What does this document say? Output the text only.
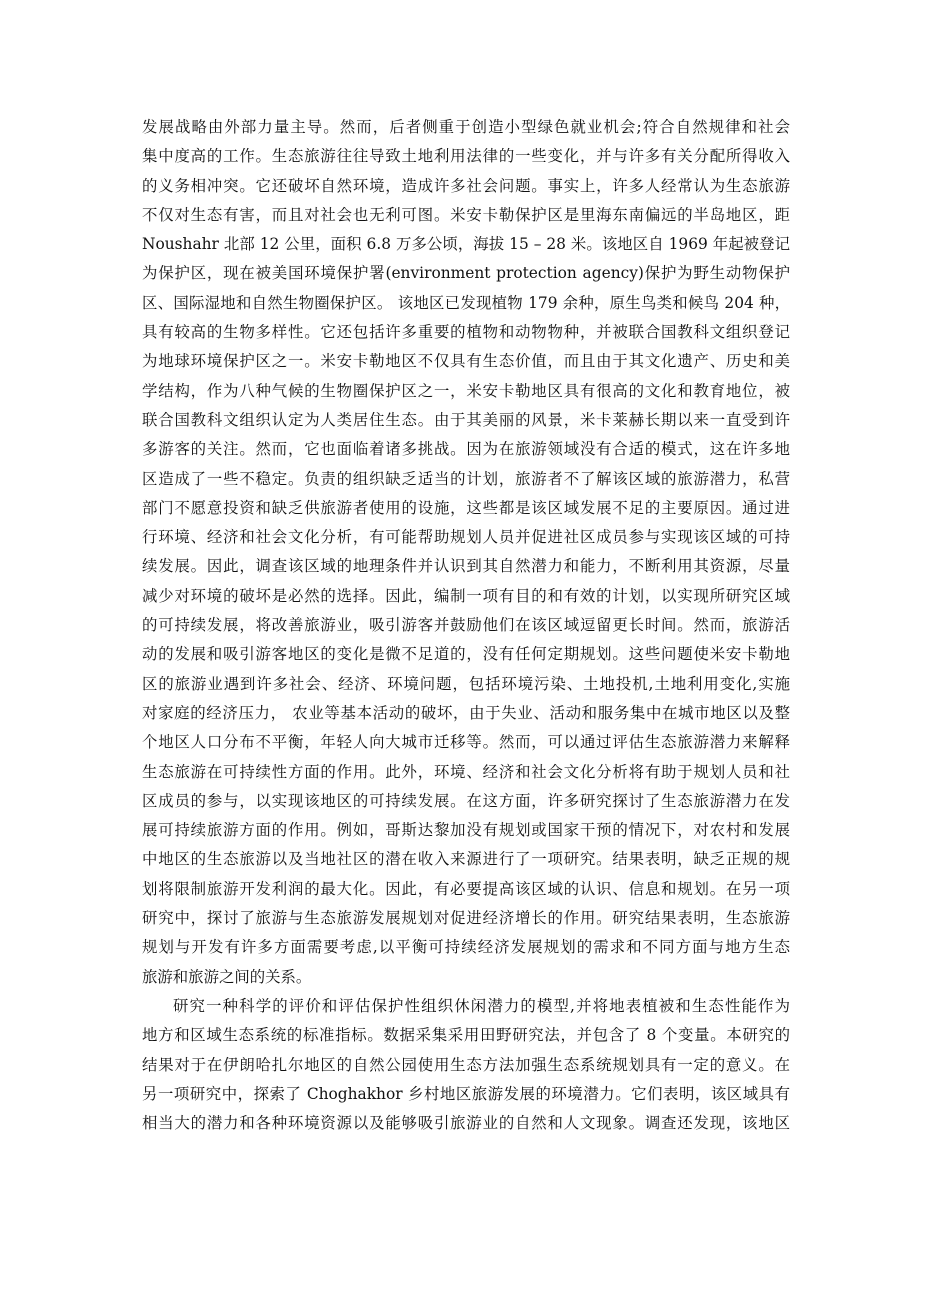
发展战略由外部力量主导。然而，后者侧重于创造小型绿色就业机会;符合自然规律和社会
集中度高的工作。生态旅游往往导致土地利用法律的一些变化，并与许多有关分配所得收入
的义务相冲突。它还破坏自然环境，造成许多社会问题。事实上，许多人经常认为生态旅游
不仅对生态有害，而且对社会也无利可图。米安卡勒保护区是里海东南偏远的半岛地区，距
Noushahr 北部 12 公里，面积 6.8 万多公顷，海拔 15 – 28 米。该地区自 1969 年起被登记
为保护区，现在被美国环境保护署(environment protection agency)保护为野生动物保护
区、国际湿地和自然生物圈保护区。 该地区已发现植物 179 余种，原生鸟类和候鸟 204 种，
具有较高的生物多样性。它还包括许多重要的植物和动物物种，并被联合国教科文组织登记
为地球环境保护区之一。米安卡勒地区不仅具有生态价值，而且由于其文化遗产、历史和美
学结构，作为八种气候的生物圈保护区之一，米安卡勒地区具有很高的文化和教育地位，被
联合国教科文组织认定为人类居住生态。由于其美丽的风景，米卡莱赫长期以来一直受到许
多游客的关注。然而，它也面临着诸多挑战。因为在旅游领域没有合适的模式，这在许多地
区造成了一些不稳定。负责的组织缺乏适当的计划，旅游者不了解该区域的旅游潜力，私营
部门不愿意投资和缺乏供旅游者使用的设施，这些都是该区域发展不足的主要原因。通过进
行环境、经济和社会文化分析，有可能帮助规划人员并促进社区成员参与实现该区域的可持
续发展。因此，调查该区域的地理条件并认识到其自然潜力和能力，不断利用其资源，尽量
减少对环境的破坏是必然的选择。因此，编制一项有目的和有效的计划，以实现所研究区域
的可持续发展，将改善旅游业，吸引游客并鼓励他们在该区域逗留更长时间。然而，旅游活
动的发展和吸引游客地区的变化是微不足道的，没有任何定期规划。这些问题使米安卡勒地
区的旅游业遇到许多社会、经济、环境问题，包括环境污染、土地投机,土地利用变化,实施
对家庭的经济压力， 农业等基本活动的破坏，由于失业、活动和服务集中在城市地区以及整
个地区人口分布不平衡，年轻人向大城市迁移等。然而，可以通过评估生态旅游潜力来解释
生态旅游在可持续性方面的作用。此外，环境、经济和社会文化分析将有助于规划人员和社
区成员的参与，以实现该地区的可持续发展。在这方面，许多研究探讨了生态旅游潜力在发
展可持续旅游方面的作用。例如，哥斯达黎加没有规划或国家干预的情况下，对农村和发展
中地区的生态旅游以及当地社区的潜在收入来源进行了一项研究。结果表明，缺乏正规的规
划将限制旅游开发利润的最大化。因此，有必要提高该区域的认识、信息和规划。在另一项
研究中，探讨了旅游与生态旅游发展规划对促进经济增长的作用。研究结果表明，生态旅游
规划与开发有许多方面需要考虑,以平衡可持续经济发展规划的需求和不同方面与地方生态
旅游和旅游之间的关系。
研究一种科学的评价和评估保护性组织休闲潜力的模型,并将地表植被和生态性能作为
地方和区域生态系统的标准指标。数据采集采用田野研究法，并包含了 8 个变量。本研究的
结果对于在伊朗哈扎尔地区的自然公园使用生态方法加强生态系统规划具有一定的意义。在
另一项研究中，探索了 Choghakhor 乡村地区旅游发展的环境潜力。它们表明，该区域具有
相当大的潜力和各种环境资源以及能够吸引旅游业的自然和人文现象。调查还发现，该地区
